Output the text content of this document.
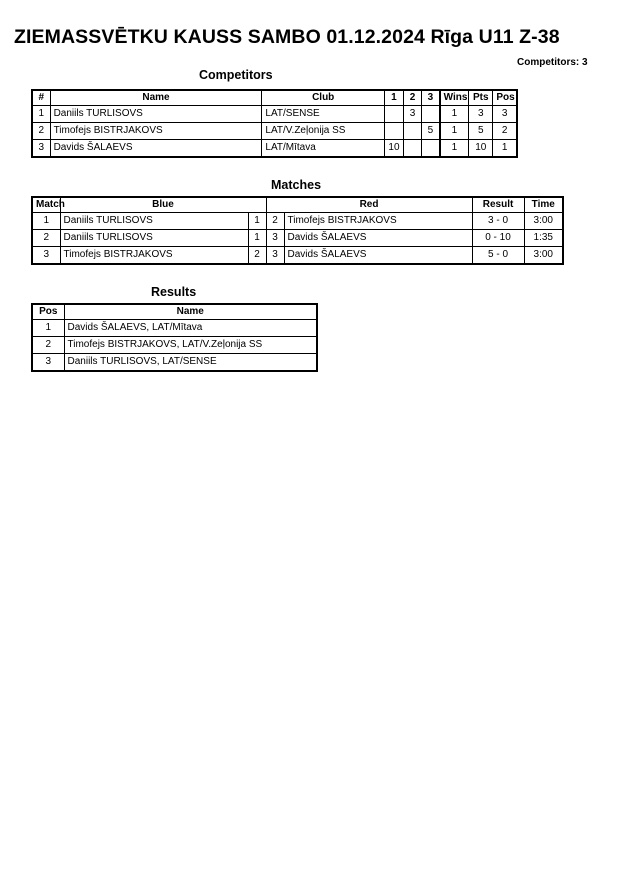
ZIEMASSVĒTKU KAUSS SAMBO 01.12.2024 Rīga U11 Z-38
Competitors: 3
Competitors
#	Name	Club	1	2	3	Wins	Pts	Pos
1	Daniils TURLISOVS	LAT/SENSE		3		1	3	3
2	Timofejs BISTRJAKOVS	LAT/V.Zeļonija SS			5	1	5	2
3	Davids ŠALAEVS	LAT/Mītava	10			1	10	1
Matches
Match	Blue		Red		Result	Time
1	Daniils TURLISOVS	1	2	Timofejs BISTRJAKOVS	3 - 0	3:00
2	Daniils TURLISOVS	1	3	Davids ŠALAEVS	0 - 10	1:35
3	Timofejs BISTRJAKOVS	2	3	Davids ŠALAEVS	5 - 0	3:00
Results
Pos	Name
1	Davids ŠALAEVS, LAT/Mītava
2	Timofejs BISTRJAKOVS, LAT/V.Zeļonija SS
3	Daniils TURLISOVS, LAT/SENSE
